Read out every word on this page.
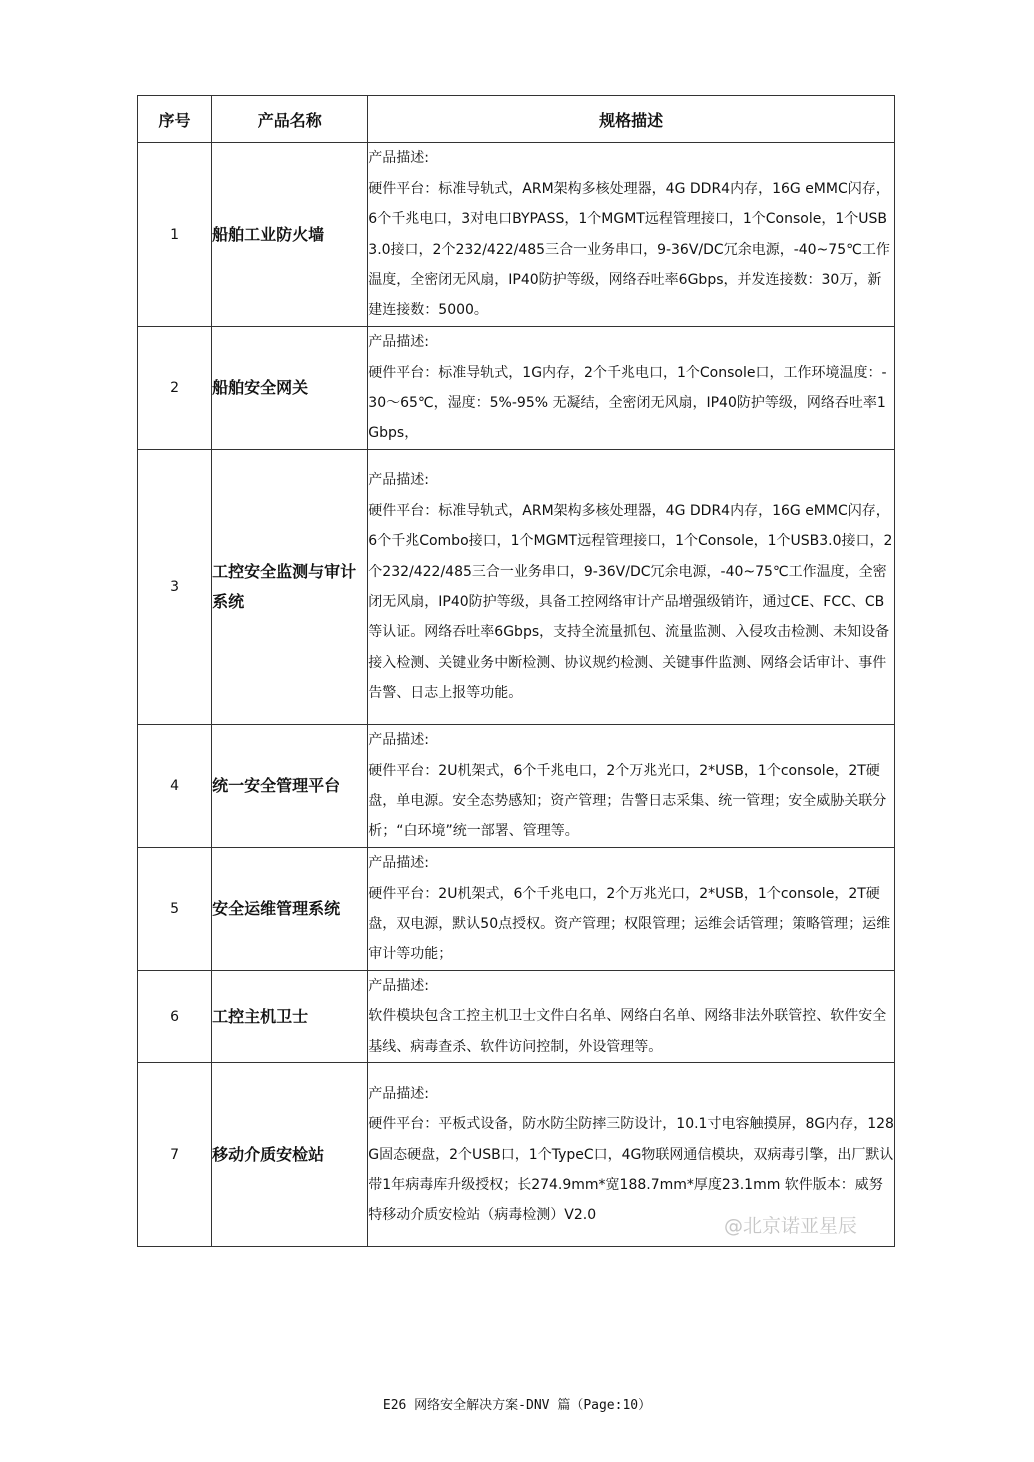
序号	产品名称	规格描述
1	船舶工业防火墙	产品描述:
硬件平台：标准导轨式，ARM架构多核处理器，4G DDR4内存，16G eMMC闪存，6个千兆电口，3对电口BYPASS，1个MGMT远程管理接口，1个Console，1个USB3.0接口，2个232/422/485三合一业务串口，9-36V/DC冗余电源，-40~75℃工作温度，全密闭无风扇，IP40防护等级，网络吞吐率6Gbps，并发连接数：30万，新建连接数：5000。

2	船舶安全网关	产品描述:
硬件平台：标准导轨式，1G内存，2个千兆电口，1个Console口，工作环境温度：-30～65℃，湿度：5%-95% 无凝结，全密闭无风扇，IP40防护等级，网络吞吐率1Gbps，

3	工控安全监测与审计系统	产品描述:
硬件平台：标准导轨式，ARM架构多核处理器，4G DDR4内存，16G eMMC闪存，6个千兆Combo接口，1个MGMT远程管理接口，1个Console，1个USB3.0接口，2个232/422/485三合一业务串口，9-36V/DC冗余电源，-40~75℃工作温度，全密闭无风扇，IP40防护等级，具备工控网络审计产品增强级销许，通过CE、FCC、CB等认证。网络吞吐率6Gbps，支持全流量抓包、流量监测、入侵攻击检测、未知设备接入检测、关键业务中断检测、协议规约检测、关键事件监测、网络会话审计、事件告警、日志上报等功能。

4	统一安全管理平台	产品描述:
硬件平台：2U机架式，6个千兆电口，2个万兆光口，2*USB，1个console，2T硬盘，单电源。安全态势感知；资产管理；告警日志采集、统一管理；安全威胁关联分析；“白环境”统一部署、管理等。

5	安全运维管理系统	产品描述:
硬件平台：2U机架式，6个千兆电口，2个万兆光口，2*USB，1个console，2T硬盘，双电源，默认50点授权。资产管理；权限管理；运维会话管理；策略管理；运维审计等功能；

6	工控主机卫士	产品描述:
软件模块包含工控主机卫士文件白名单、网络白名单、网络非法外联管控、软件安全基线、病毒查杀、软件访问控制，外设管理等。

7	移动介质安检站	产品描述:
硬件平台：平板式设备，防水防尘防摔三防设计，10.1寸电容触摸屏，8G内存，128G固态硬盘，2个USB口，1个TypeC口，4G物联网通信模块，双病毒引擎，出厂默认带1年病毒库升级授权；长274.9mm*宽188.7mm*厚度23.1mm 软件版本：威努特移动介质安检站（病毒检测）V2.0	@北京诺亚星辰
E26 网络安全解决方案-DNV 篇（Page:10）
